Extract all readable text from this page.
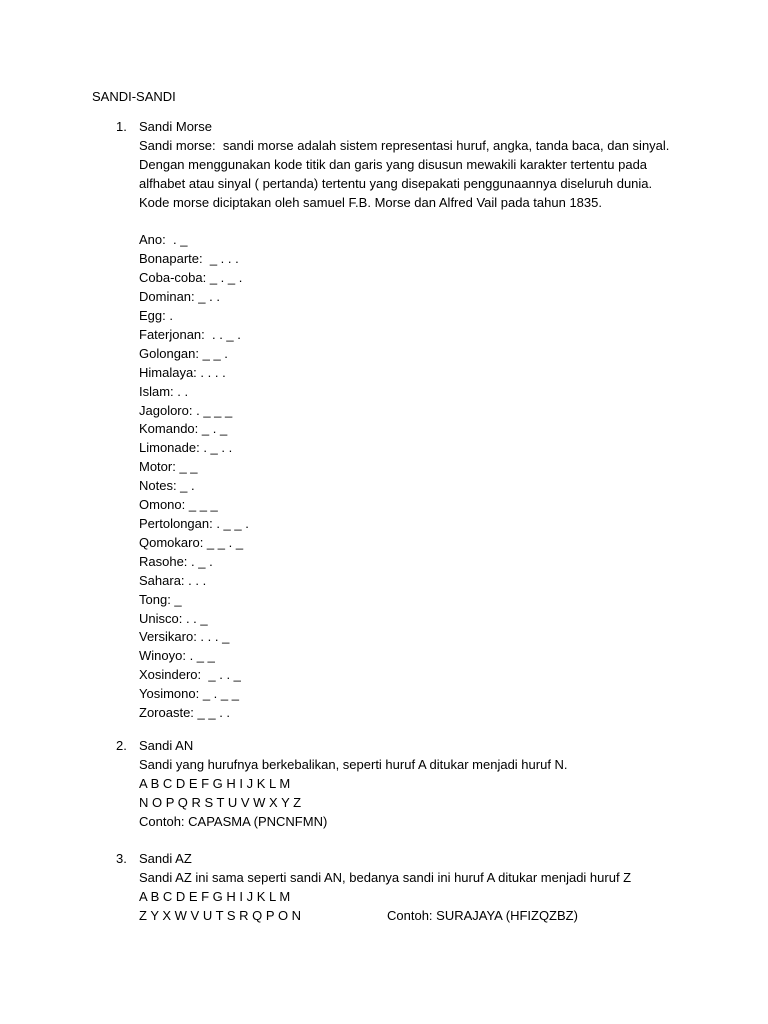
SANDI-SANDI
1. Sandi Morse
Sandi morse:  sandi morse adalah sistem representasi huruf, angka, tanda baca, dan sinyal.
Dengan menggunakan kode titik dan garis yang disusun mewakili karakter tertentu pada
alfhabet atau sinyal ( pertanda) tertentu yang disepakati penggunaannya diseluruh dunia.
Kode morse diciptakan oleh samuel F.B. Morse dan Alfred Vail pada tahun 1835.
Ano:  . _
Bonaparte:  _ . . .
Coba-coba: _ . _ .
Dominan: _ . .
Egg: .
Faterjonan:  . . _ .
Golongan: _ _ .
Himalaya: . . . .
Islam: . .
Jagoloro: . _ _ _
Komando: _ . _
Limonade: . _ . .
Motor: _ _
Notes: _ .
Omono: _ _ _
Pertolongan: . _ _ .
Qomokaro: _ _ . _
Rasohe: . _ .
Sahara: . . .
Tong: _
Unisco: . . _
Versikaro: . . . _
Winoyo: . _ _
Xosindero:  _ . . _
Yosimono: _ . _ _
Zoroaste: _ _ . .
2. Sandi AN
Sandi yang hurufnya berkebalikan, seperti huruf A ditukar menjadi huruf N.
A B C D E F G H I J K L M
N O P Q R S T U V W X Y Z
Contoh: CAPASMA (PNCNFMN)
3. Sandi AZ
Sandi AZ ini sama seperti sandi AN, bedanya sandi ini huruf A ditukar menjadi huruf Z
A B C D E F G H I J K L M
Z Y X W V U T S R Q P O N	Contoh: SURAJAYA (HFIZQZBZ)
